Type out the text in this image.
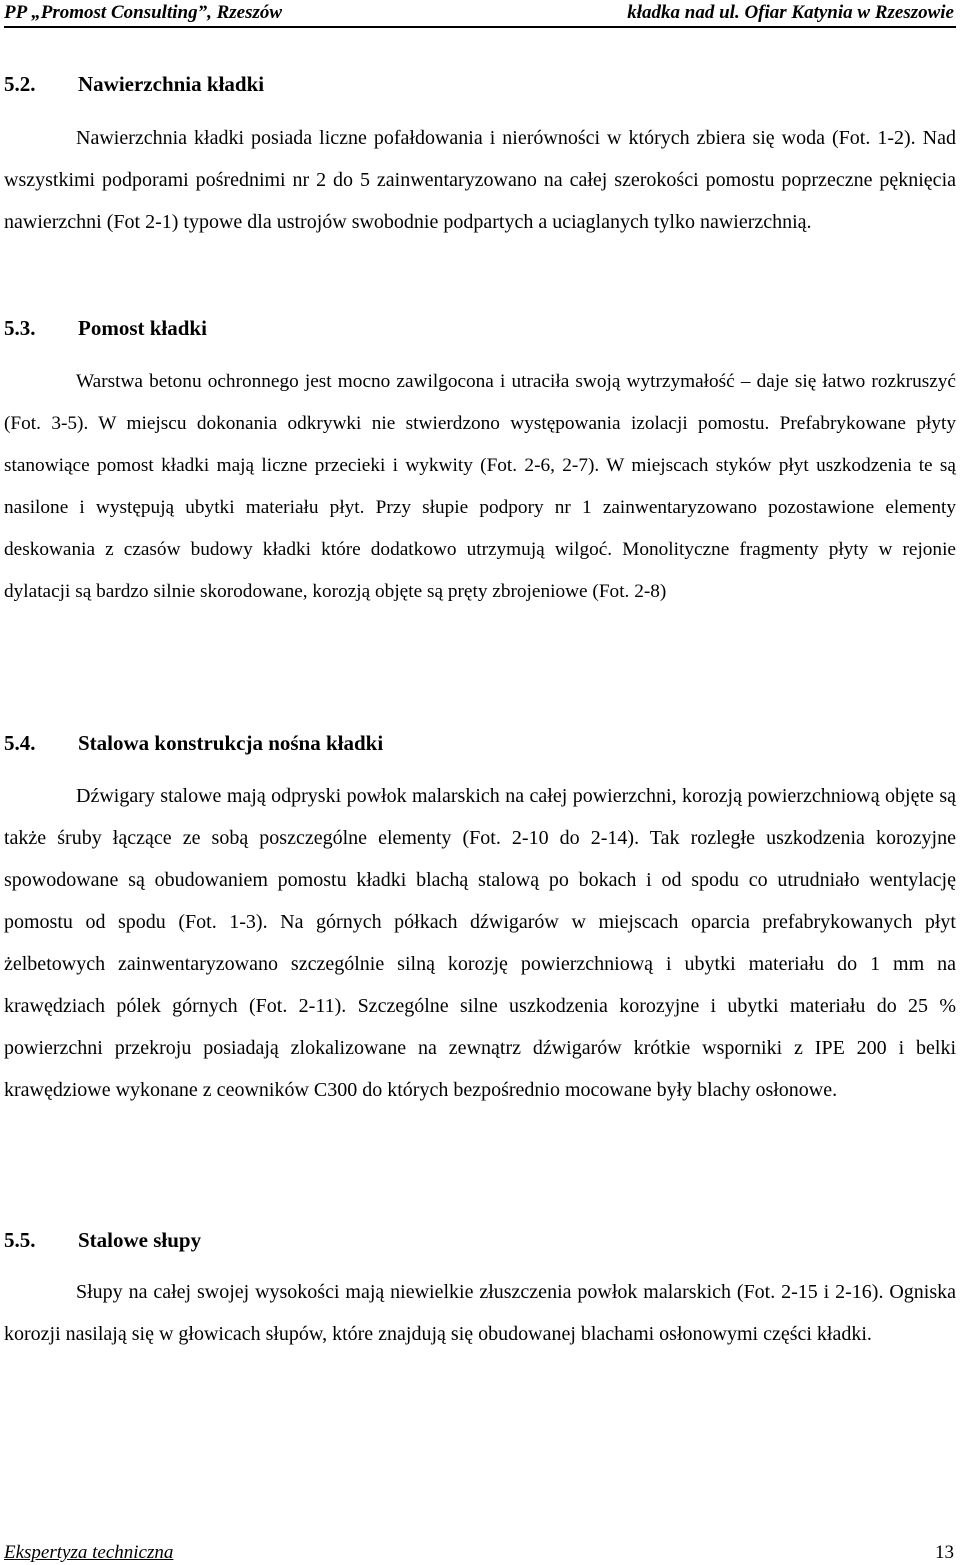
PP „Promost Consulting”, Rzeszów	kładka nad ul. Ofiar Katynia w Rzeszowie
5.2. Nawierzchnia kładki
Nawierzchnia kładki posiada liczne pofałdowania i nierówności w których zbiera się woda (Fot. 1-2). Nad wszystkimi podporami pośrednimi nr 2 do 5 zainwentaryzowano na całej szerokości pomostu poprzeczne pęknięcia nawierzchni (Fot 2-1) typowe dla ustrojów swobodnie podpartych a uciaglanych tylko nawierzchnią.
5.3. Pomost kładki
Warstwa betonu ochronnego jest mocno zawilgocona i utraciła swoją wytrzymałość – daje się łatwo rozkruszyć (Fot. 3-5). W miejscu dokonania odkrywki nie stwierdzono występowania izolacji pomostu. Prefabrykowane płyty stanowiące pomost kładki mają liczne przecieki i wykwity (Fot. 2-6, 2-7). W miejscach styków płyt uszkodzenia te są nasilone i występują ubytki materiału płyt. Przy słupie podpory nr 1 zainwentaryzowano pozostawione elementy deskowania z czasów budowy kładki które dodatkowo utrzymują wilgoć. Monolityczne fragmenty płyty w rejonie dylatacji są bardzo silnie skorodowane, korozją objęte są pręty zbrojeniowe (Fot. 2-8)
5.4. Stalowa konstrukcja nośna kładki
Dźwigary stalowe mają odpryski powłok malarskich na całej powierzchni, korozją powierzchniową objęte są także śruby łączące ze sobą poszczególne elementy (Fot. 2-10 do 2-14). Tak rozległe uszkodzenia korozyjne spowodowane są obudowaniem pomostu kładki blachą stalową po bokach i od spodu co utrudniało wentylację pomostu od spodu (Fot. 1-3). Na górnych półkach dźwigarów w miejscach oparcia prefabrykowanych płyt żelbetowych zainwentaryzowano szczególnie silną korozję powierzchniową i ubytki materiału do 1 mm na krawędziach pólek górnych (Fot. 2-11). Szczególne silne uszkodzenia korozyjne i ubytki materiału do 25 % powierzchni przekroju posiadają zlokalizowane na zewnątrz dźwigarów krótkie wsporniki z IPE 200 i belki krawędziowe wykonane z ceowników C300 do których bezpośrednio mocowane były blachy osłonowe.
5.5. Stalowe słupy
Słupy na całej swojej wysokości mają niewielkie złuszczenia powłok malarskich (Fot. 2-15 i 2-16). Ogniska korozji nasilają się w głowicach słupów, które znajdują się obudowanej blachami osłonowymi części kładki.
Ekspertyza techniczna	13
